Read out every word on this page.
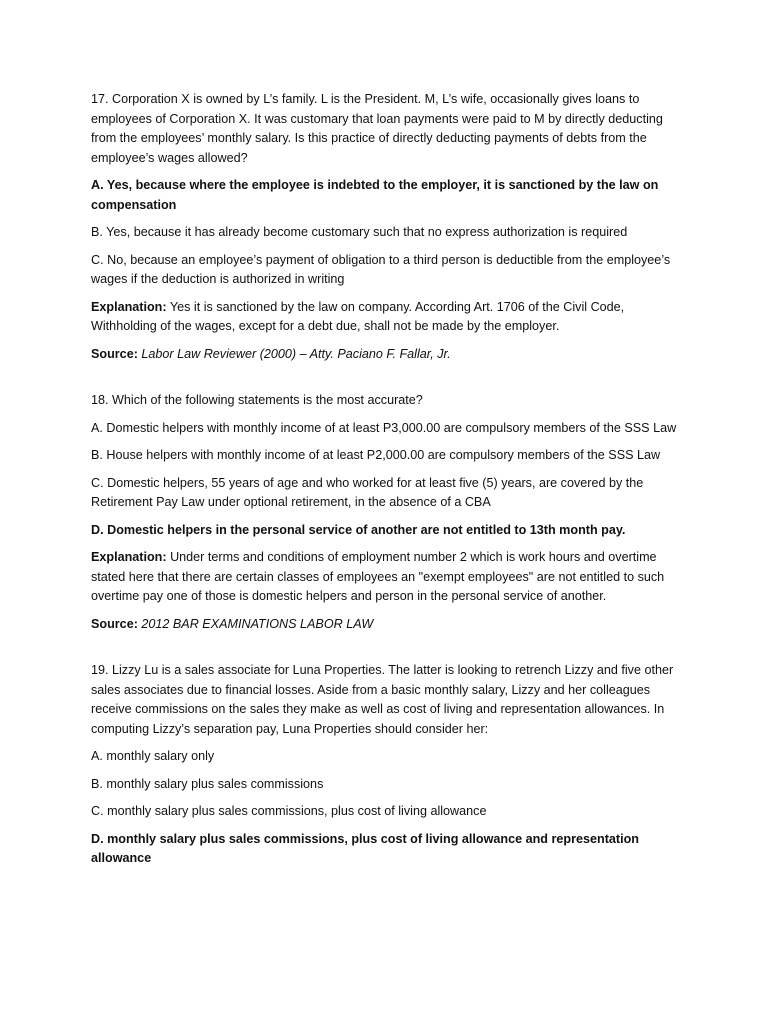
17. Corporation X is owned by L’s family. L is the President. M, L’s wife, occasionally gives loans to employees of Corporation X. It was customary that loan payments were paid to M by directly deducting from the employees’ monthly salary. Is this practice of directly deducting payments of debts from the employee’s wages allowed?

A. Yes, because where the employee is indebted to the employer, it is sanctioned by the law on compensation

B. Yes, because it has already become customary such that no express authorization is required

C. No, because an employee’s payment of obligation to a third person is deductible from the employee’s wages if the deduction is authorized in writing

Explanation: Yes it is sanctioned by the law on company. According Art. 1706 of the Civil Code, Withholding of the wages, except for a debt due, shall not be made by the employer.

Source: Labor Law Reviewer (2000) – Atty. Paciano F. Fallar, Jr.

18. Which of the following statements is the most accurate?

A. Domestic helpers with monthly income of at least P3,000.00 are compulsory members of the SSS Law

B. House helpers with monthly income of at least P2,000.00 are compulsory members of the SSS Law

C. Domestic helpers, 55 years of age and who worked for at least five (5) years, are covered by the Retirement Pay Law under optional retirement, in the absence of a CBA

D. Domestic helpers in the personal service of another are not entitled to 13th month pay.

Explanation: Under terms and conditions of employment number 2 which is work hours and overtime stated here that there are certain classes of employees an "exempt employees" are not entitled to such overtime pay one of those is domestic helpers and person in the personal service of another.

Source: 2012 BAR EXAMINATIONS LABOR LAW

19. Lizzy Lu is a sales associate for Luna Properties. The latter is looking to retrench Lizzy and five other sales associates due to financial losses. Aside from a basic monthly salary, Lizzy and her colleagues receive commissions on the sales they make as well as cost of living and representation allowances. In computing Lizzy’s separation pay, Luna Properties should consider her:

A. monthly salary only

B. monthly salary plus sales commissions

C. monthly salary plus sales commissions, plus cost of living allowance

D. monthly salary plus sales commissions, plus cost of living allowance and representation allowance
